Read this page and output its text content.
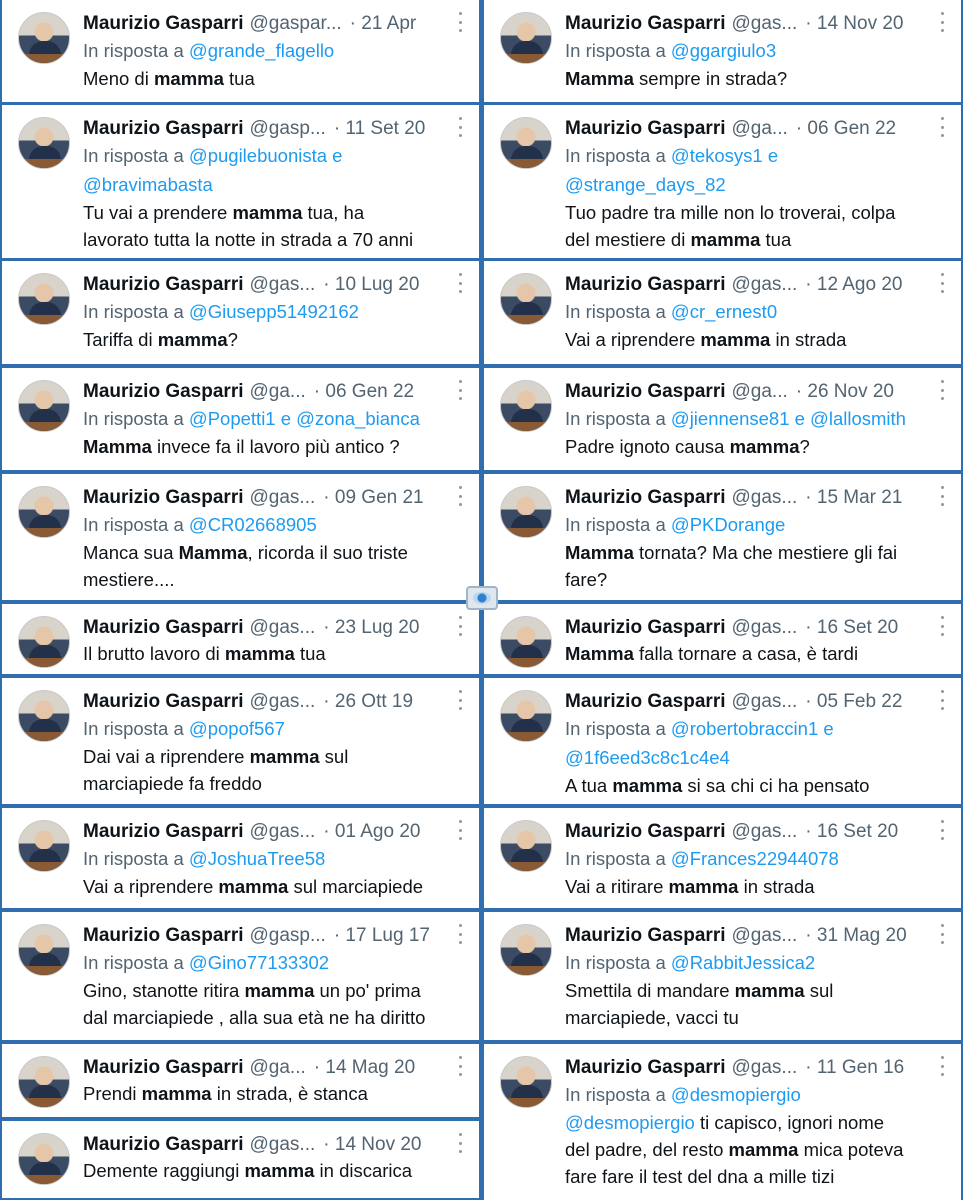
Maurizio Gasparri @gaspar... · 21 Apr
In risposta a @grande_flagello
Meno di mamma tua
Maurizio Gasparri @gasp... · 11 Set 20
In risposta a @pugilebuonista e
@bravimabasta
Tu vai a prendere mamma tua, ha
lavorato tutta la notte in strada a 70 anni
Maurizio Gasparri @gas... · 10 Lug 20
In risposta a @Giusepp51492162
Tariffa di mamma?
Maurizio Gasparri @ga... · 06 Gen 22
In risposta a @Popetti1 e @zona_bianca
Mamma invece fa il lavoro più antico ?
Maurizio Gasparri @gas... · 09 Gen 21
In risposta a @CR02668905
Manca sua Mamma, ricorda il suo triste
mestiere....
Maurizio Gasparri @gas... · 23 Lug 20
Il brutto lavoro di mamma tua
Maurizio Gasparri @gas... · 26 Ott 19
In risposta a @popof567
Dai vai a riprendere mamma sul
marciapiede fa freddo
Maurizio Gasparri @gas... · 01 Ago 20
In risposta a @JoshuaTree58
Vai a riprendere mamma sul marciapiede
Maurizio Gasparri @gasp... · 17 Lug 17
In risposta a @Gino77133302
Gino, stanotte ritira mamma un po' prima
dal marciapiede , alla sua età ne ha diritto
Maurizio Gasparri @ga... · 14 Mag 20
Prendi mamma in strada, è stanca
Maurizio Gasparri @gas... · 14 Nov 20
Demente raggiungi mamma in discarica
Maurizio Gasparri @gas... · 14 Nov 20
In risposta a @ggargiulo3
Mamma sempre in strada?
Maurizio Gasparri @ga... · 06 Gen 22
In risposta a @tekosys1 e
@strange_days_82
Tuo padre tra mille non lo troverai, colpa
del mestiere di mamma tua
Maurizio Gasparri @gas... · 12 Ago 20
In risposta a @cr_ernest0
Vai a riprendere mamma in strada
Maurizio Gasparri @ga... · 26 Nov 20
In risposta a @jiennense81 e @lallosmith
Padre ignoto causa mamma?
Maurizio Gasparri @gas... · 15 Mar 21
In risposta a @PKDorange
Mamma tornata? Ma che mestiere gli fai
fare?
Maurizio Gasparri @gas... · 16 Set 20
Mamma falla tornare a casa, è tardi
Maurizio Gasparri @gas... · 05 Feb 22
In risposta a @robertobraccin1 e
@1f6eed3c8c1c4e4
A tua mamma si sa chi ci ha pensato
Maurizio Gasparri @gas... · 16 Set 20
In risposta a @Frances22944078
Vai a ritirare mamma in strada
Maurizio Gasparri @gas... · 31 Mag 20
In risposta a @RabbitJessica2
Smettila di mandare mamma sul
marciapiede, vacci tu
Maurizio Gasparri @gas... · 11 Gen 16
In risposta a @desmopiergio
@desmopiergio ti capisco, ignori nome
del padre, del resto mamma mica poteva
fare fare il test del dna a mille tizi
